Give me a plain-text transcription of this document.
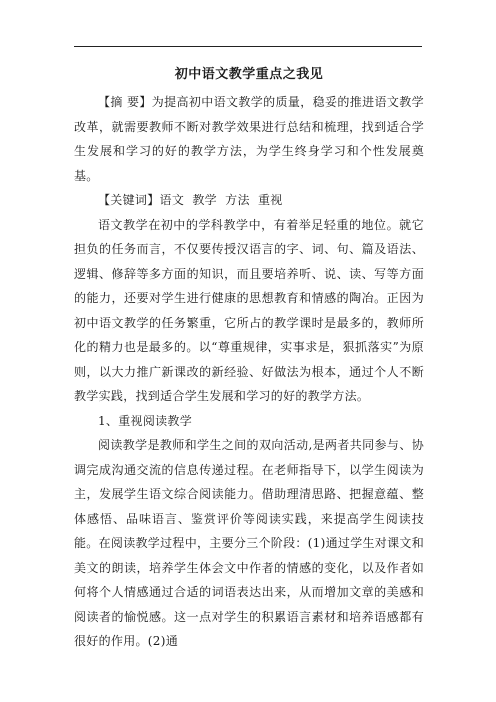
初中语文教学重点之我见

【摘 要】为提高初中语文教学的质量，稳妥的推进语文教学改革，就需要教师不断对教学效果进行总结和梳理，找到适合学生发展和学习的好的教学方法，为学生终身学习和个性发展奠基。

【关键词】语文  教学  方法  重视

语文教学在初中的学科教学中，有着举足轻重的地位。就它担负的任务而言，不仅要传授汉语言的字、词、句、篇及语法、逻辑、修辞等多方面的知识，而且要培养听、说、读、写等方面的能力，还要对学生进行健康的思想教育和情感的陶冶。正因为初中语文教学的任务繁重，它所占的教学课时是最多的，教师所化的精力也是最多的。以“尊重规律，实事求是，狠抓落实”为原则，以大力推广新课改的新经验、好做法为根本，通过个人不断教学实践，找到适合学生发展和学习的好的教学方法。

1、重视阅读教学

阅读教学是教师和学生之间的双向活动,是两者共同参与、协调完成沟通交流的信息传递过程。在老师指导下，以学生阅读为主，发展学生语文综合阅读能力。借助理清思路、把握意蕴、整体感悟、品味语言、鉴赏评价等阅读实践，来提高学生阅读技能。在阅读教学过程中，主要分三个阶段：(1)通过学生对课文和美文的朗读，培养学生体会文中作者的情感的变化，以及作者如何将个人情感通过合适的词语表达出来，从而增加文章的美感和阅读者的愉悦感。这一点对学生的积累语言素材和培养语感都有很好的作用。(2)通
